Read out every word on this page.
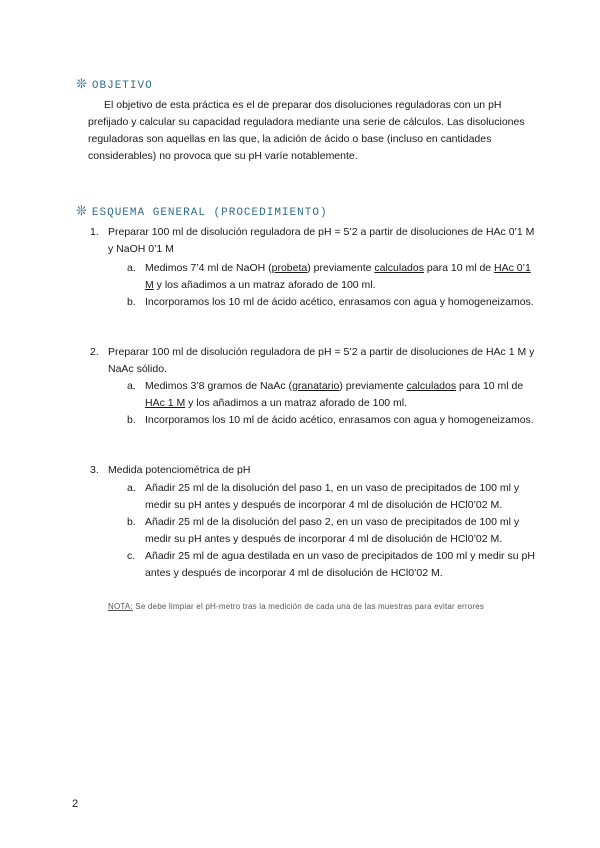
❊ OBJETIVO
El objetivo de esta práctica es el de preparar dos disoluciones reguladoras con un pH prefijado y calcular su capacidad reguladora mediante una serie de cálculos. Las disoluciones reguladoras son aquellas en las que, la adición de ácido o base (incluso en cantidades considerables) no provoca que su pH varíe notablemente.
❊ ESQUEMA GENERAL (PROCEDIMIENTO)
1. Preparar 100 ml de disolución reguladora de pH = 5’2 a partir de disoluciones de HAc 0’1 M y NaOH 0’1 M
a. Medimos 7’4 ml de NaOH (probeta) previamente calculados para 10 ml de HAc 0’1 M y los añadimos a un matraz aforado de 100 ml.
b. Incorporamos los 10 ml de ácido acético, enrasamos con agua y homogeneizamos.
2. Preparar 100 ml de disolución reguladora de pH = 5’2 a partir de disoluciones de HAc 1 M y NaAc sólido.
a. Medimos 3’8 gramos de NaAc (granatario) previamente calculados para 10 ml de HAc 1 M y los añadimos a un matraz aforado de 100 ml.
b. Incorporamos los 10 ml de ácido acético, enrasamos con agua y homogeneizamos.
3. Medida potenciométrica de pH
a. Añadir 25 ml de la disolución del paso 1, en un vaso de precipitados de 100 ml y medir su pH antes y después de incorporar 4 ml de disolución de HCl0’02 M.
b. Añadir 25 ml de la disolución del paso 2, en un vaso de precipitados de 100 ml y medir su pH antes y después de incorporar 4 ml de disolución de HCl0’02 M.
c. Añadir 25 ml de agua destilada en un vaso de precipitados de 100 ml y medir su pH antes y después de incorporar 4 ml de disolución de HCl0’02 M.
NOTA: Se debe limpiar el pH-metro tras la medición de cada una de las muestras para evitar errores
2
